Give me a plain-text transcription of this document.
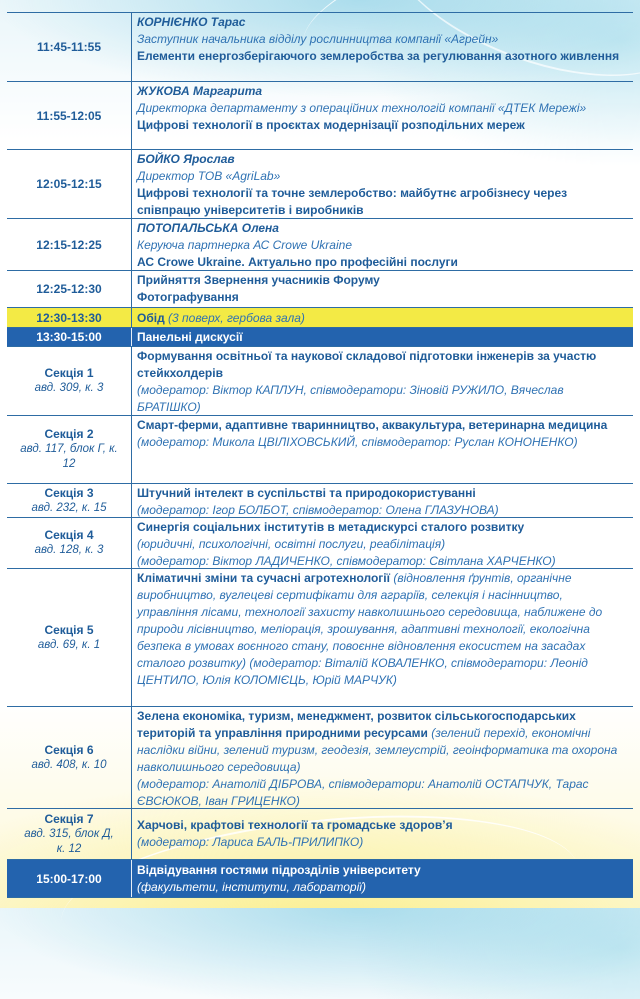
11:45-11:55
КОРНІЄНКО Тарас
Заступник начальника відділу рослинництва компанії «Агрейн»
Елементи енергозберігаючого землеробства за регулювання азотного живлення
11:55-12:05
ЖУКОВА Маргарита
Директорка департаменту з операційних технологій компанії «ДТЕК Мережі»
Цифрові технології в проєктах модернізації розподільних мереж
12:05-12:15
БОЙКО Ярослав
Директор ТОВ «AgriLab»
Цифрові технології та точне землеробство: майбутнє агробізнесу через співпрацю університетів і виробників
12:15-12:25
ПОТОПАЛЬСЬКА Олена
Керуюча партнерка АС Crowe Ukraine
АС Crowe Ukraine. Актуально про професійні послуги
12:25-12:30
Прийняття Звернення учасників Форуму
Фотографування
12:30-13:30	Обід (3 поверх, гербова зала)
13:30-15:00	Панельні дискусії
Секція 1
авд. 309, к. 3
Формування освітньої та наукової складової підготовки інженерів за участю стейкхолдерів
(модератор: Віктор КАПЛУН, співмодератори: Зіновій РУЖИЛО, Вячеслав БРАТІШКО)
Секція 2
авд. 117, блок Г, к. 12
Смарт-ферми, адаптивне тваринництво, аквакультура, ветеринарна медицина
(модератор: Микола ЦВІЛІХОВСЬКИЙ, співмодератор: Руслан КОНОНЕНКО)
Секція 3
авд. 232, к. 15
Штучний інтелект в суспільстві та природокористуванні
(модератор: Ігор БОЛБОТ, співмодератор: Олена ГЛАЗУНОВА)
Секція 4
авд. 128, к. 3
Синергія соціальних інститутів в метадискурсі сталого розвитку
(юридичні, психологічні, освітні послуги, реабілітація)
(модератор: Віктор ЛАДИЧЕНКО, співмодератор: Світлана ХАРЧЕНКО)
Секція 5
авд. 69, к. 1
Кліматичні зміни та сучасні агротехнології (відновлення ґрунтів, органічне виробництво, вуглецеві сертифікати для аграріїв, селекція і насінництво, управління лісами, технології захисту навколишнього середовища, наближене до природи лісівництво, меліорація, зрошування, адаптивні технології, екологічна безпека в умовах воєнного стану, повоєнне відновлення екосистем на засадах сталого розвитку) (модератор: Віталій КОВАЛЕНКО, співмодератори: Леонід ЦЕНТИЛО, Юлія КОЛОМІЄЦЬ, Юрій МАРЧУК)
Секція 6
авд. 408, к. 10
Зелена економіка, туризм, менеджмент, розвиток сільськогосподарських територій та управління природними ресурсами (зелений перехід, економічні наслідки війни, зелений туризм, геодезія, землеустрій, геоінформатика та охорона навколишнього середовища)
(модератор: Анатолій ДІБРОВА, співмодератори: Анатолій ОСТАПЧУК, Тарас ЄВСЮКОВ, Іван ГРИЦЕНКО)
Секція 7
авд. 315, блок Д, к. 12
Харчові, крафтові технології та громадське здоров’я
(модератор: Лариса БАЛЬ-ПРИЛИПКО)
15:00-17:00
Відвідування гостями підрозділів університету
(факультети, інститути, лабораторії)
